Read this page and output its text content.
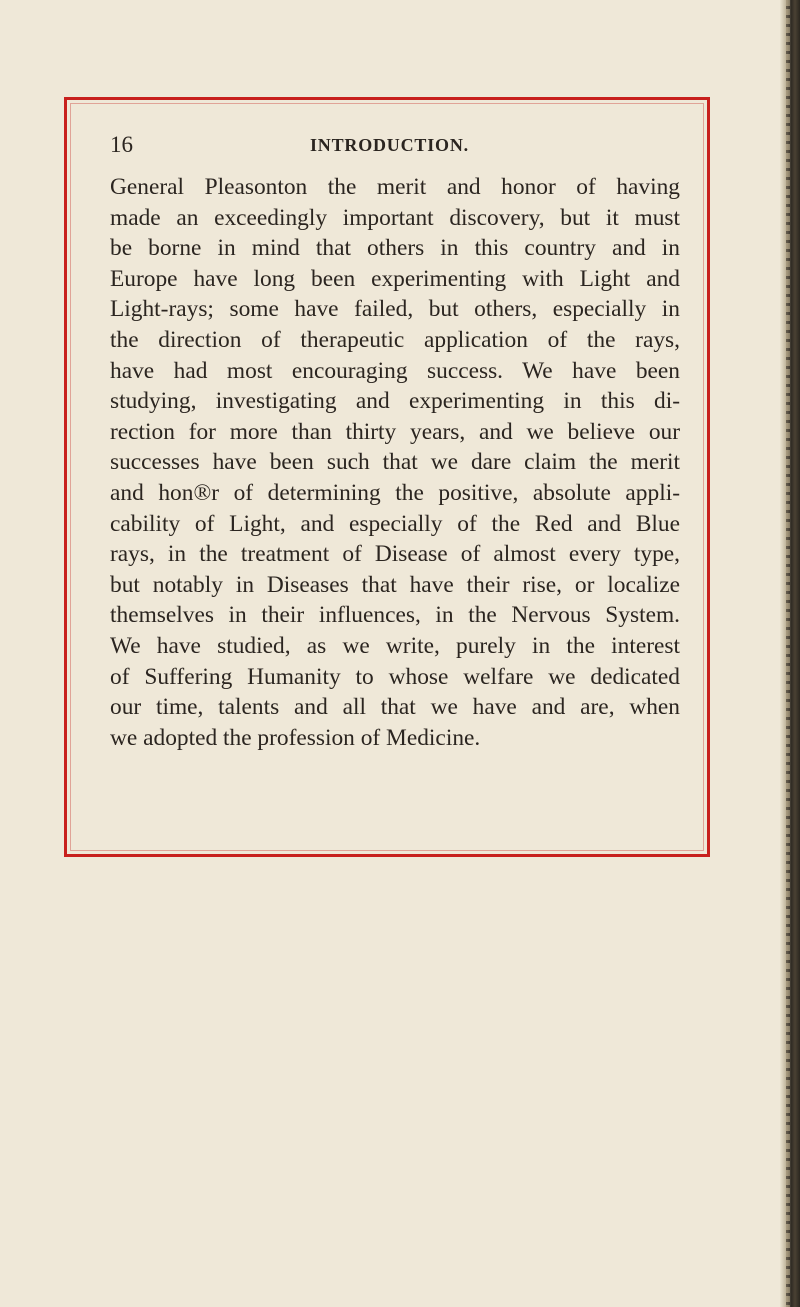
16	INTRODUCTION.
General Pleasonton the merit and honor of having
made an exceedingly important discovery, but it must
be borne in mind that others in this country and in
Europe have long been experimenting with Light and
Light-rays; some have failed, but others, especially in
the direction of therapeutic application of the rays,
have had most encouraging success. We have been
studying, investigating and experimenting in this di-
rection for more than thirty years, and we believe our
successes have been such that we dare claim the merit
and hon®r of determining the positive, absolute appli-
cability of Light, and especially of the Red and Blue
rays, in the treatment of Disease of almost every type,
but notably in Diseases that have their rise, or localize
themselves in their influences, in the Nervous System.
We have studied, as we write, purely in the interest
of Suffering Humanity to whose welfare we dedicated
our time, talents and all that we have and are, when
we adopted the profession of Medicine.
